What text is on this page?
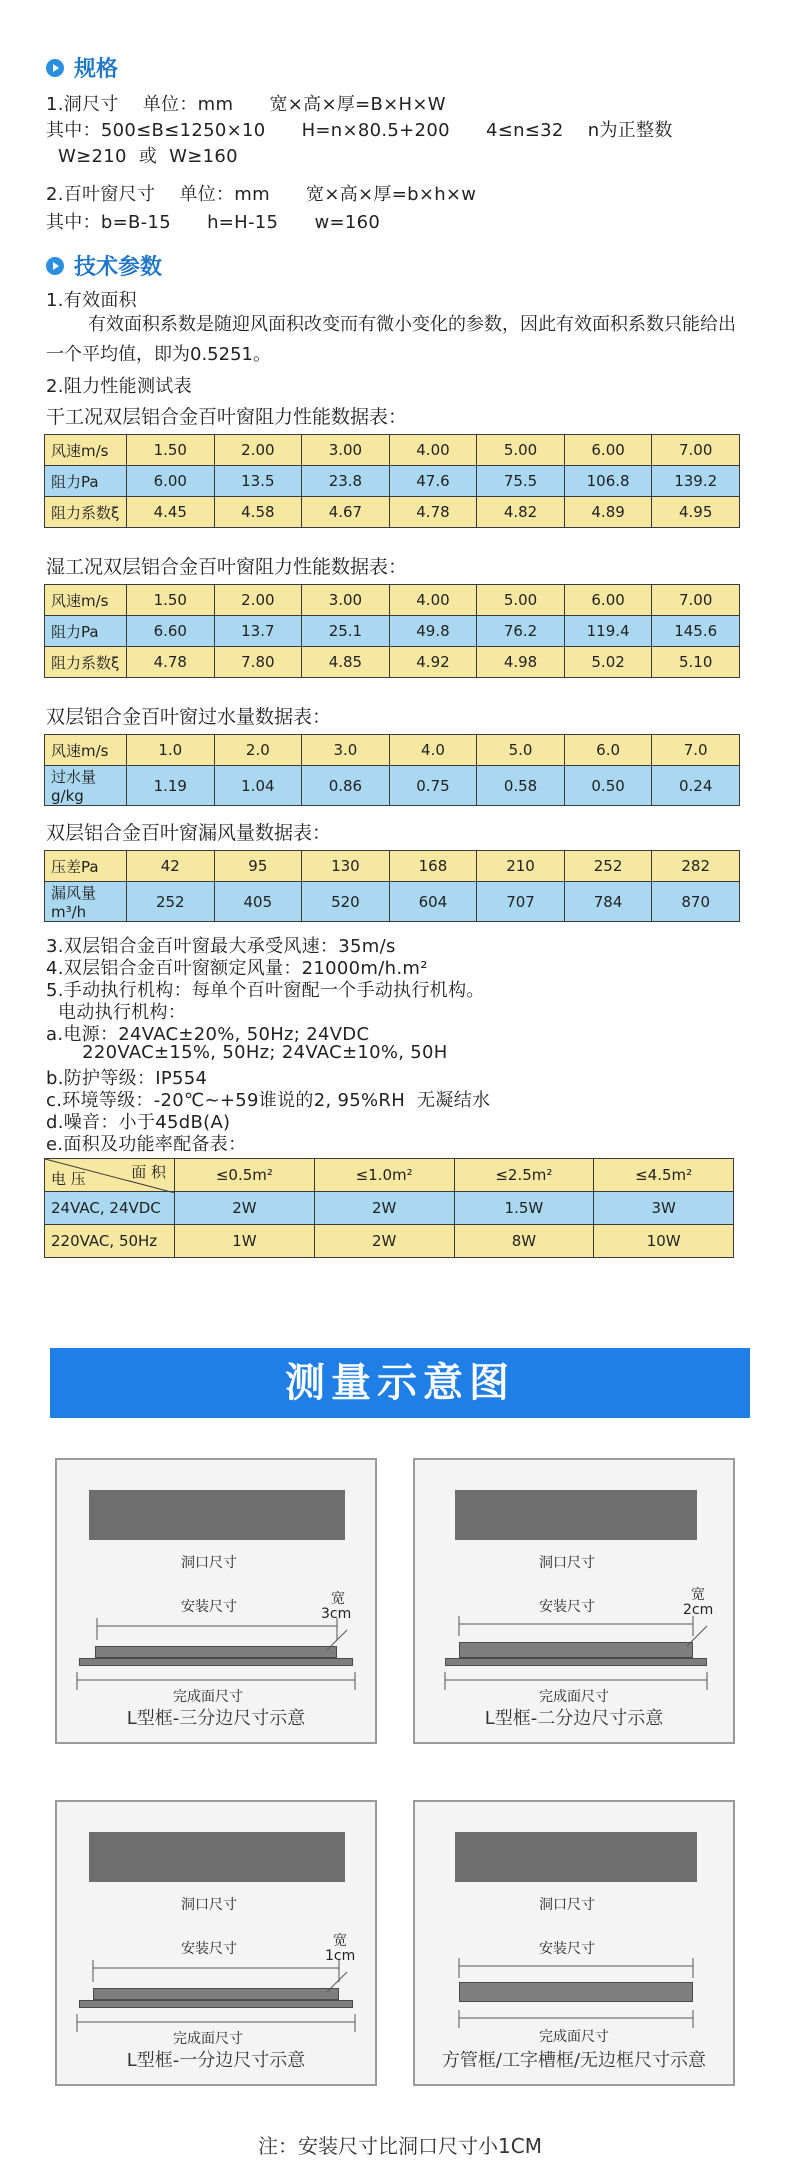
规格
1.洞尺寸    单位：mm      宽×高×厚=B×H×W
其中：500≤B≤1250×10      H=n×80.5+200      4≤n≤32    n为正整数
W≥210  或  W≥160
2.百叶窗尺寸    单位：mm      宽×高×厚=b×h×w
其中：b=B-15      h=H-15      w=160
技术参数
1.有效面积
有效面积系数是随迎风面积改变而有微小变化的参数，因此有效面积系数只能给出一个平均值，即为0.5251。
2.阻力性能测试表
干工况双层铝合金百叶窗阻力性能数据表：
风速m/s	1.50	2.00	3.00	4.00	5.00	6.00	7.00
阻力Pa	6.00	13.5	23.8	47.6	75.5	106.8	139.2
阻力系数ξ	4.45	4.58	4.67	4.78	4.82	4.89	4.95
湿工况双层铝合金百叶窗阻力性能数据表：
风速m/s	1.50	2.00	3.00	4.00	5.00	6.00	7.00
阻力Pa	6.60	13.7	25.1	49.8	76.2	119.4	145.6
阻力系数ξ	4.78	7.80	4.85	4.92	4.98	5.02	5.10
双层铝合金百叶窗过水量数据表：
风速m/s	1.0	2.0	3.0	4.0	5.0	6.0	7.0
过水量g/kg	1.19	1.04	0.86	0.75	0.58	0.50	0.24
双层铝合金百叶窗漏风量数据表：
压差Pa	42	95	130	168	210	252	282
漏风量m³/h	252	405	520	604	707	784	870
3.双层铝合金百叶窗最大承受风速：35m/s
4.双层铝合金百叶窗额定风量：21000m/h.m²
5.手动执行机构：每单个百叶窗配一个手动执行机构。
电动执行机构：
a.电源：24VAC±20%, 50Hz; 24VDC
220VAC±15%, 50Hz; 24VAC±10%, 50H
b.防护等级：IP554
c.环境等级：-20℃~+59谁说的2, 95%RH  无凝结水
d.噪音：小于45dB(A)
e.面积及功能率配备表：
面 积
电 压	≤0.5m²	≤1.0m²	≤2.5m²	≤4.5m²
24VAC, 24VDC	2W	2W	1.5W	3W
220VAC, 50Hz	1W	2W	8W	10W
测量示意图
洞口尺寸
安装尺寸	宽
3cm
完成面尺寸
L型框-三分边尺寸示意
洞口尺寸
安装尺寸
宽
2cm
完成面尺寸
L型框-二分边尺寸示意
洞口尺寸
安装尺寸	宽
1cm
完成面尺寸
L型框-一分边尺寸示意
洞口尺寸
安装尺寸
完成面尺寸
方管框/工字槽框/无边框尺寸示意
注：安装尺寸比洞口尺寸小1CM
